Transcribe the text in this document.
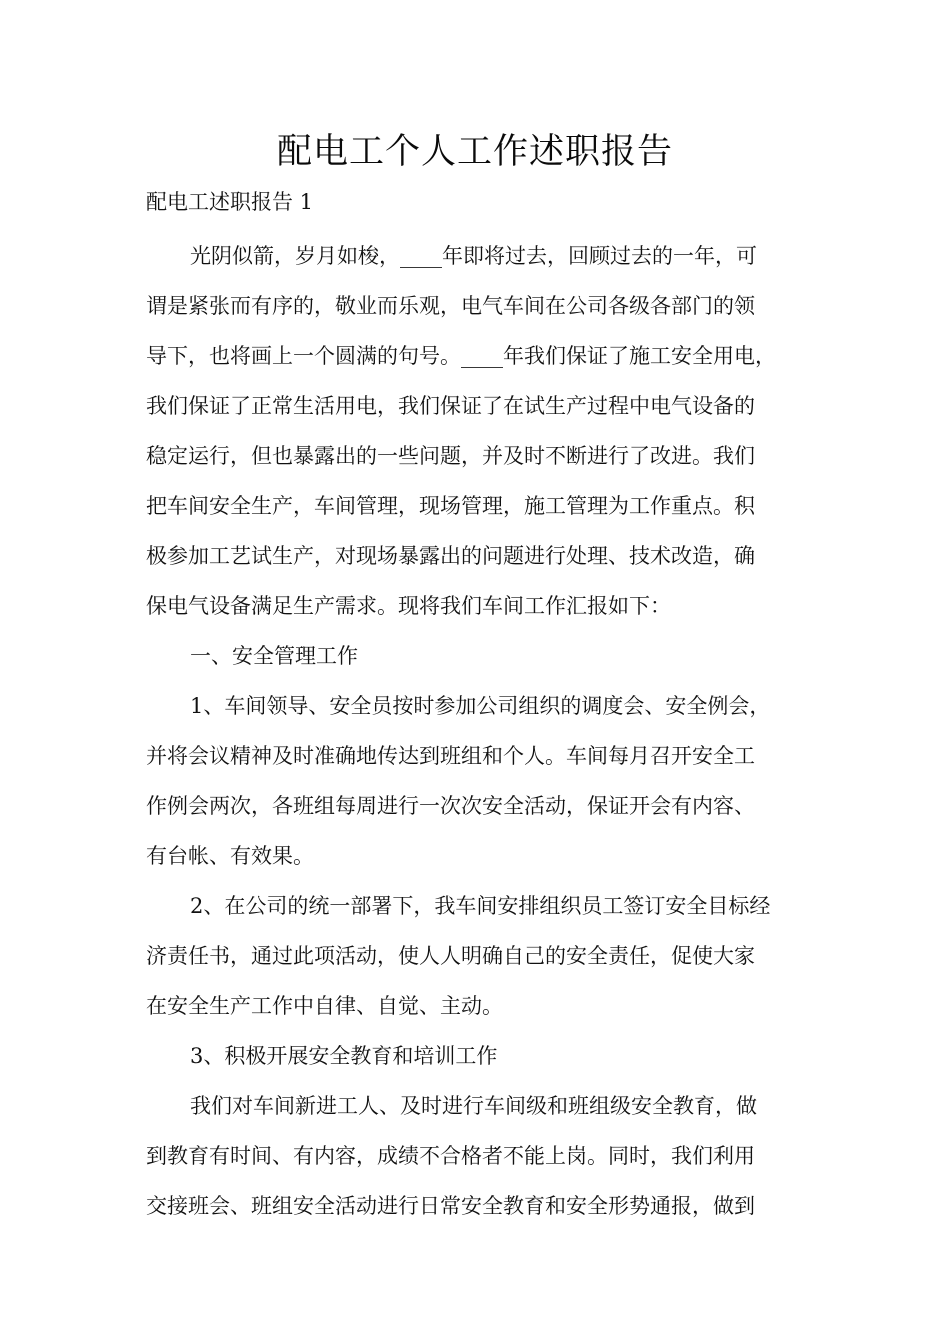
配电工个人工作述职报告

配电工述职报告 1

光阴似箭，岁月如梭，____年即将过去，回顾过去的一年，可
谓是紧张而有序的，敬业而乐观，电气车间在公司各级各部门的领
导下，也将画上一个圆满的句号。____年我们保证了施工安全用电，
我们保证了正常生活用电，我们保证了在试生产过程中电气设备的
稳定运行，但也暴露出的一些问题，并及时不断进行了改进。我们
把车间安全生产，车间管理，现场管理，施工管理为工作重点。积
极参加工艺试生产，对现场暴露出的问题进行处理、技术改造，确
保电气设备满足生产需求。现将我们车间工作汇报如下：
一、安全管理工作
1、车间领导、安全员按时参加公司组织的调度会、安全例会，
并将会议精神及时准确地传达到班组和个人。车间每月召开安全工
作例会两次，各班组每周进行一次次安全活动，保证开会有内容、
有台帐、有效果。
2、在公司的统一部署下，我车间安排组织员工签订安全目标经
济责任书，通过此项活动，使人人明确自己的安全责任，促使大家
在安全生产工作中自律、自觉、主动。
3、积极开展安全教育和培训工作
我们对车间新进工人、及时进行车间级和班组级安全教育，做
到教育有时间、有内容，成绩不合格者不能上岗。同时，我们利用
交接班会、班组安全活动进行日常安全教育和安全形势通报，做到
